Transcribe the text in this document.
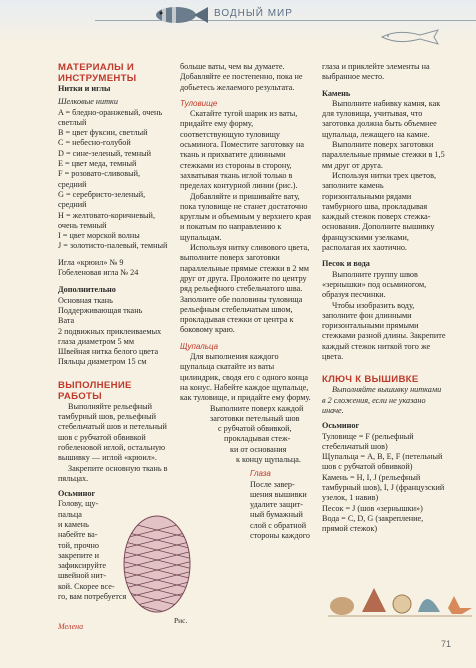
ВОДНЫЙ МИР

МАТЕРИАЛЫ И ИНСТРУМЕНТЫ

Нитки и иглы

Шелковые нитки

A = бледно-оранжевый, очень светлый

B = цвет фуксии, светлый

C = небесно-голубой

D = сине-зеленый, темный

E = цвет меда, темный

F = розовато-сливовый, средний

G = серебристо-зеленый, средний

H = желтовато-коричневый, очень темный

I = цвет морской волны

J = золотисто-палевый, темный

Игла «крюил» № 9

Гобеленовая игла № 24

Дополнительно

Основная ткань

Поддерживающая ткань

Вата

2 подвижных приклеиваемых глаза диаметром 5 мм

Швейная нитка белого цвета

Пяльцы диаметром 15 см

ВЫПОЛНЕНИЕ РАБОТЫ

Выполняйте рельефный тамбурный шов, рельефный стебельчатый шов и петельный шов с рубчатой обвивкой гобеленовой иглой, остальную вышивку — иглой «крюил».

Закрепите основную ткань в пяльцах.

Осьминог

Голову, щу-

пальца

и камень

набейте ва-

той, прочно

закрепите и

зафиксируйте

швейной нит-

кой. Скорее все-

го, вам потребуется

Мелена
Рис.

больше ваты, чем вы думаете. Добавляйте ее постепенно, пока не добьетесь желаемого результата.

Туловище

Скатайте тугой шарик из ваты, придайте ему форму, соответствующую туловищу осьминога. Поместите заготовку на ткань и прихватите длинными стежками из стороны в сторону, захватывая ткань иглой только в пределах контурной линии (рис.).

Добавляйте и пришивайте вату, пока туловище не станет достаточно круглым и объемным у верхнего края и покатым по направлению к щупальцам.

Используя нитку сливового цвета, выполните поверх заготовки параллельные прямые стежки в 2 мм друг от друга. Проложите по центру ряд рельефного стебельчатого шва. Заполните обе половины туловища рельефным стебельчатым швом, прокладывая стежки от центра к боковому краю.

Щупальца

Для выполнения каждого щупальца скатайте из ваты цилиндрик, сводя его с одного конца на конус. Набейте каждое щупальце, как туловище, и придайте ему форму.

Выполните поверх каждой

заготовки петельный шов

с рубчатой обвивкой,

прокладывая стеж-

ки от основания

к концу щупальца.

Глаза

После завер-

шения вышивки

удалите защит-

ный бумажный

слой с обратной

стороны каждого

глаза и приклейте элементы на выбранное место.

Камень

Выполните набивку камня, как для туловища, учитывая, что заготовка должна быть объемнее щупальца, лежащего на камне.

Выполните поверх заготовки параллельные прямые стежки в 1,5 мм друг от друга.

Используя нитки трех цветов, заполните камень горизонтальными рядами тамбурного шва, прокладывая каждый стежок поверх стежка-основания. Дополните вышивку французскими узелками, располагая их хаотично.

Песок и вода

Выполните группу швов «зернышки» под осьминогом, образуя песчинки.

Чтобы изобразить воду, заполните фон длинными горизонтальными прямыми стежками разной длины. Закрепите каждый стежок ниткой того же цвета.

КЛЮЧ К ВЫШИВКЕ

Выполняйте вышивку нитками в 2 сложения, если не указано иначе.

Осьминог

Туловище = F (рельефный стебельчатый шов)

Щупальца = A, B, E, F (петельный шов с рубчатой обвивкой)

Камень = H, I, J (рельефный тамбурный шов), I, J (французский узелок, 1 навив)

Песок = J (шов «зернышки»)

Вода = C, D, G (закрепление, прямой стежок)

71
